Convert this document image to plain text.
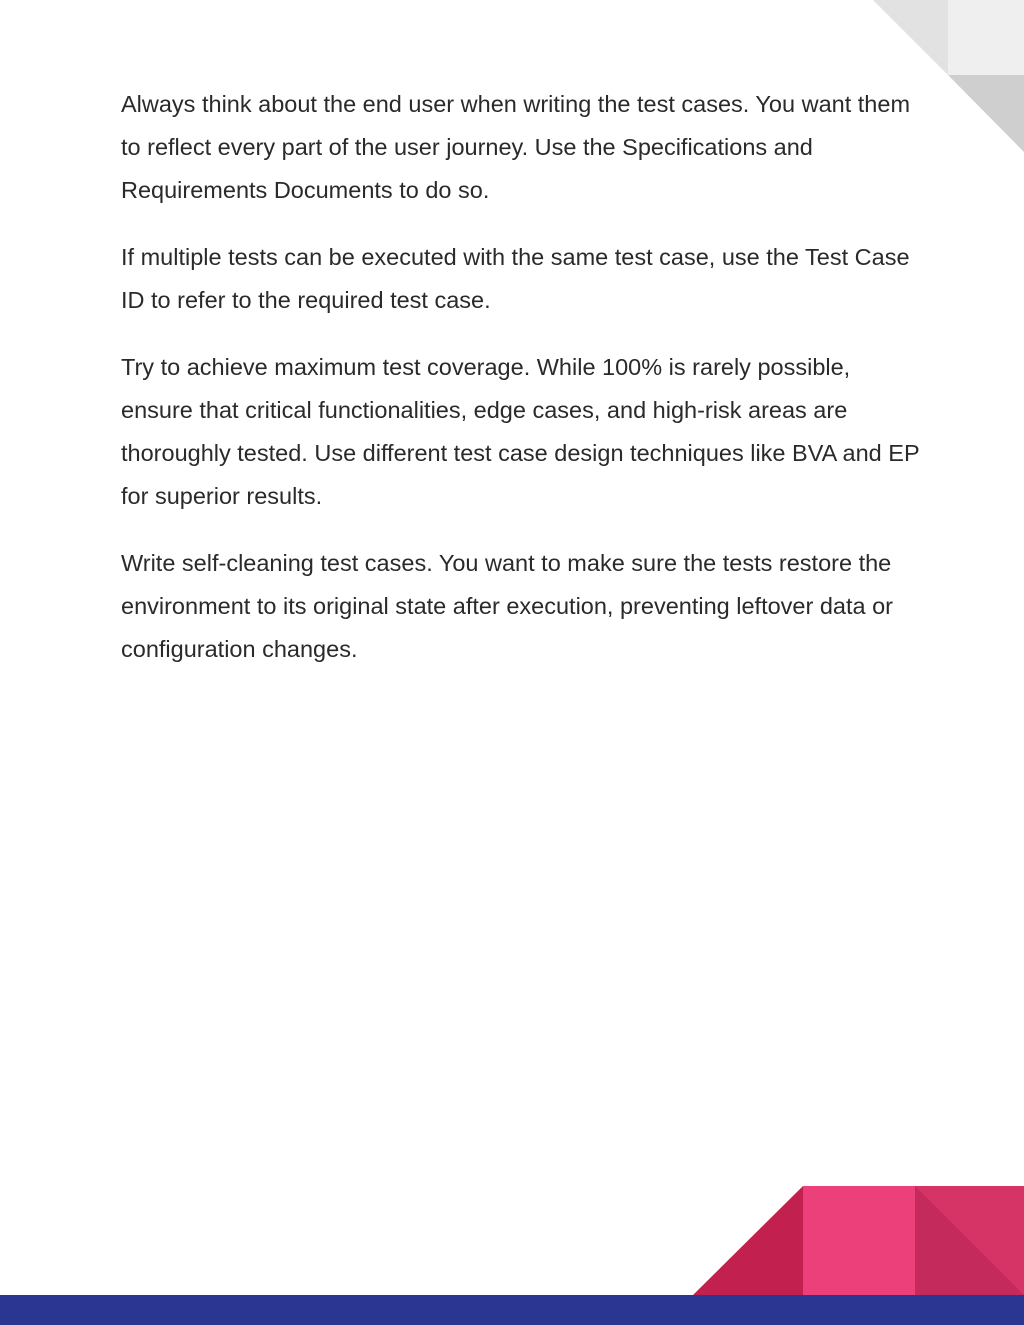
Always think about the end user when writing the test cases. You want them to reflect every part of the user journey. Use the Specifications and Requirements Documents to do so.

If multiple tests can be executed with the same test case, use the Test Case ID to refer to the required test case.

Try to achieve maximum test coverage. While 100% is rarely possible, ensure that critical functionalities, edge cases, and high-risk areas are thoroughly tested. Use different test case design techniques like BVA and EP for superior results.

Write self-cleaning test cases. You want to make sure the tests restore the environment to its original state after execution, preventing leftover data or configuration changes.
